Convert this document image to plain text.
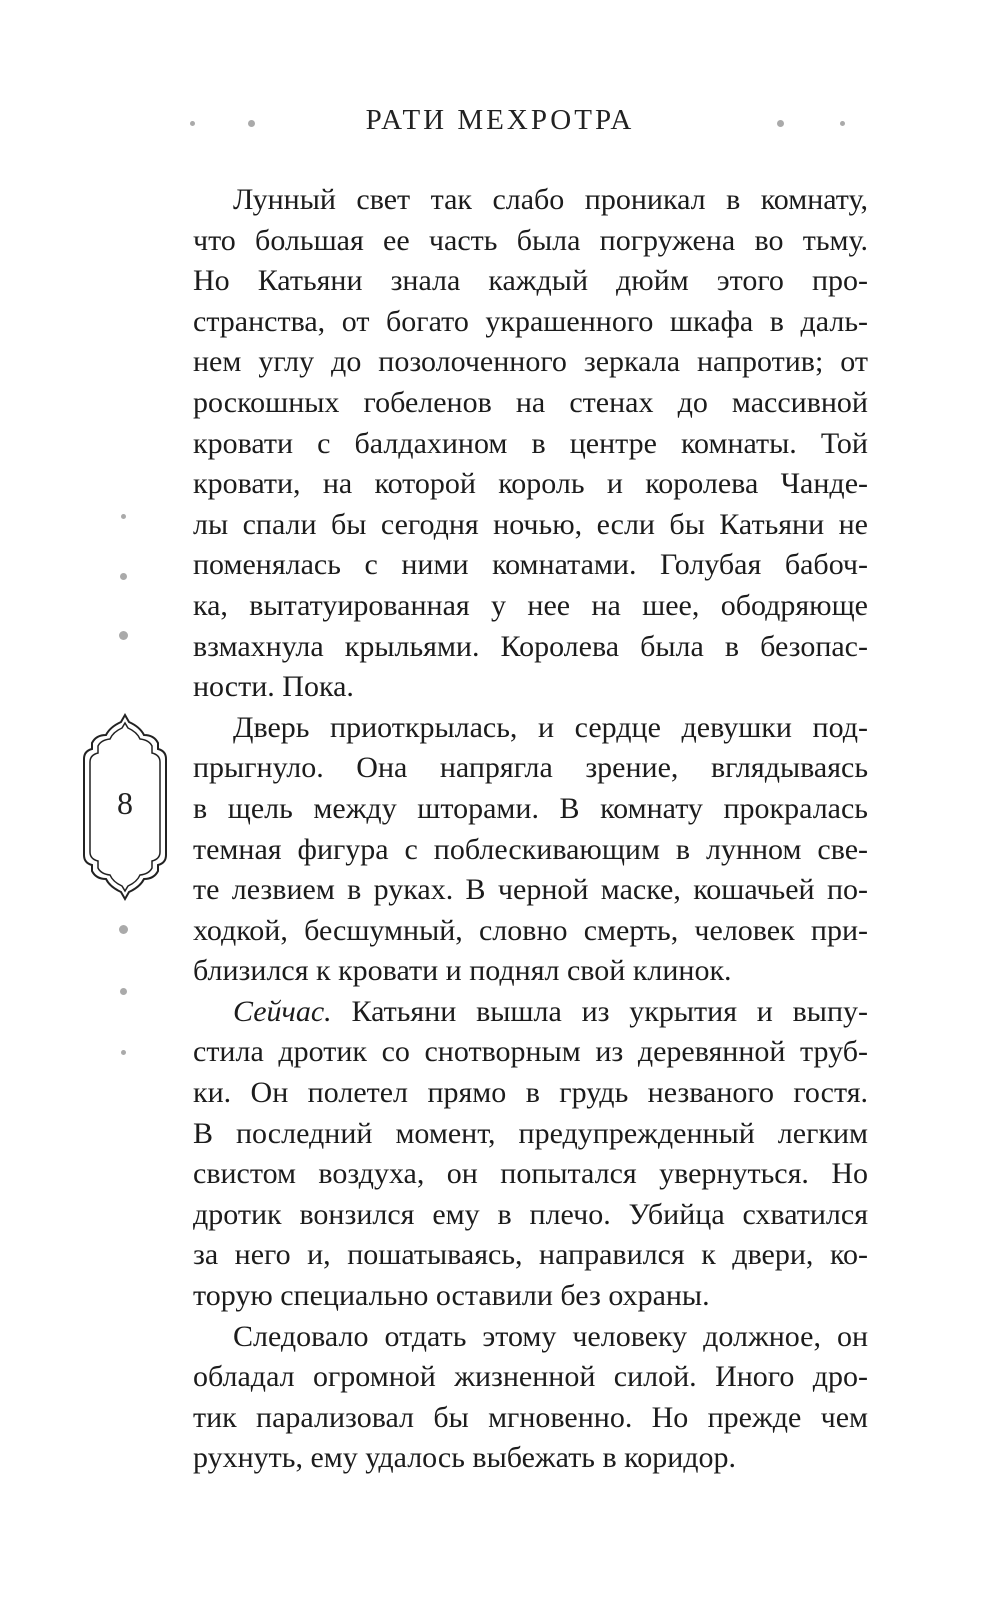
РАТИ МЕХРОТРА
8
Лунный свет так слабо проникал в комнату,
что большая ее часть была погружена во тьму.
Но Катьяни знала каждый дюйм этого про-
странства, от богато украшенного шкафа в даль-
нем углу до позолоченного зеркала напротив; от
роскошных гобеленов на стенах до массивной
кровати с балдахином в центре комнаты. Той
кровати, на которой король и королева Чанде-
лы спали бы сегодня ночью, если бы Катьяни не
поменялась с ними комнатами. Голубая бабоч-
ка, вытатуированная у нее на шее, ободряюще
взмахнула крыльями. Королева была в безопас-
ности. Пока.
Дверь приоткрылась, и сердце девушки под-
прыгнуло. Она напрягла зрение, вглядываясь
в щель между шторами. В комнату прокралась
темная фигура с поблескивающим в лунном све-
те лезвием в руках. В черной маске, кошачьей по-
ходкой, бесшумный, словно смерть, человек при-
близился к кровати и поднял свой клинок.
Сейчас. Катьяни вышла из укрытия и выпу-
стила дротик со снотворным из деревянной труб-
ки. Он полетел прямо в грудь незваного гостя.
В последний момент, предупрежденный легким
свистом воздуха, он попытался увернуться. Но
дротик вонзился ему в плечо. Убийца схватился
за него и, пошатываясь, направился к двери, ко-
торую специально оставили без охраны.
Следовало отдать этому человеку должное, он
обладал огромной жизненной силой. Иного дро-
тик парализовал бы мгновенно. Но прежде чем
рухнуть, ему удалось выбежать в коридор.
